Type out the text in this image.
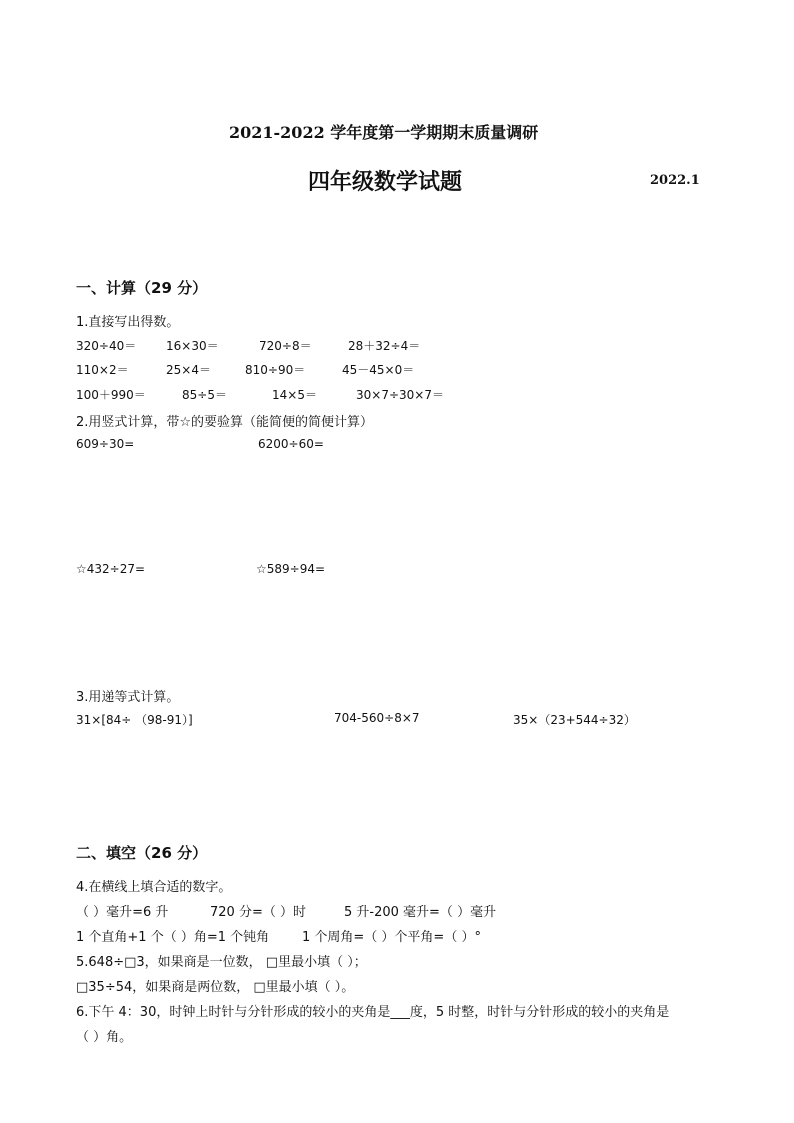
2021-2022 学年度第一学期期末质量调研
四年级数学试题	2022.1
一、计算（29 分）
1.直接写出得数。
320÷40＝ 16×30＝	720÷8＝	28＋32÷4＝
110×2＝	25×4＝	810÷90＝	45－45×0＝
100＋990＝	85÷5＝	14×5＝	30×7÷30×7＝
2.用竖式计算，带☆的要验算（能简便的简便计算）
609÷30=	6200÷60=
☆432÷27=	☆589÷94=
3.用递等式计算。
31×[84÷ （98-91）]	704-560÷8×7	35×（23+544÷32）
二、填空（26 分）
4.在横线上填合适的数字。
（ ）毫升=6 升	720 分=（ ）时	5 升-200 毫升=（ ）毫升
1 个直角+1 个（ ）角=1 个钝角	1 个周角=（ ）个平角=（ ）°
5.648÷□3，如果商是一位数， □里最小填（ ）；
□35÷54，如果商是两位数， □里最小填（ ）。
6.下午 4：30，时钟上时针与分针形成的较小的夹角是___度，5 时整，时针与分针形成的较小的夹角是
（ ）角。
